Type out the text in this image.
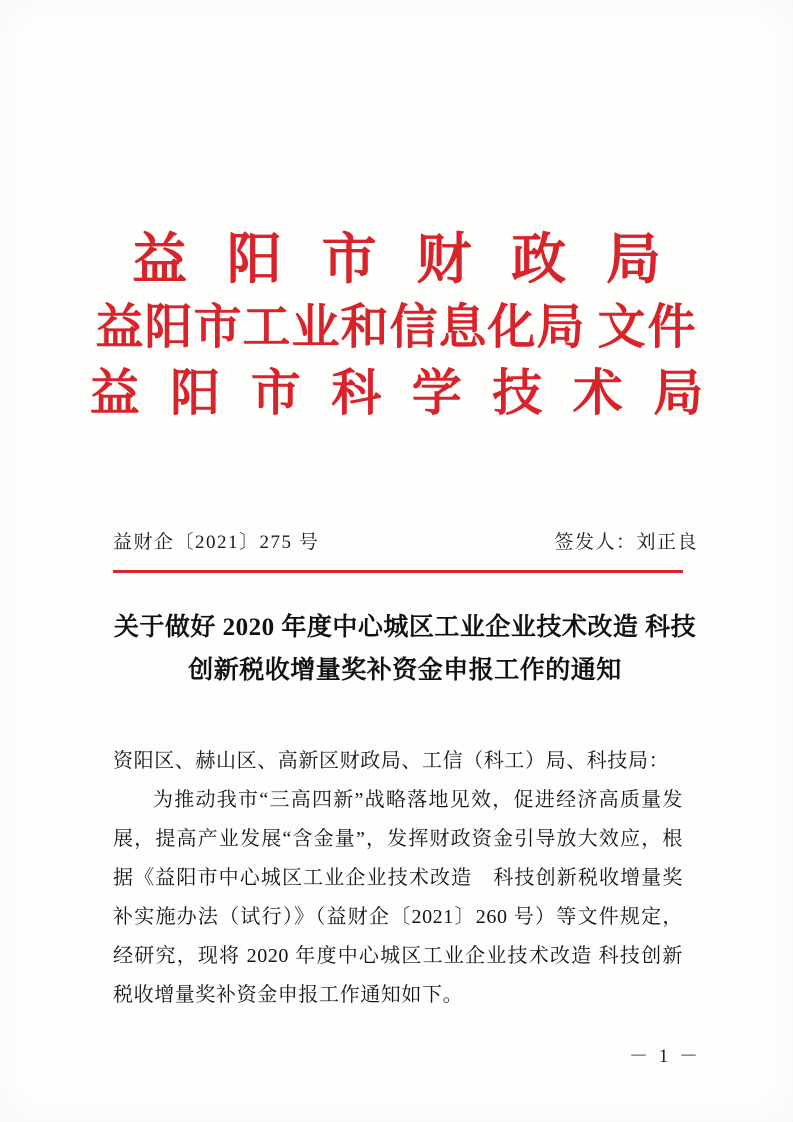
益 阳 市 财 政 局
益阳市工业和信息化局 文件
益 阳 市 科 学 技 术 局
益财企〔2021〕275 号	签发人：刘正良
关于做好 2020 年度中心城区工业企业技术改造 科技创新税收增量奖补资金申报工作的通知

资阳区、赫山区、高新区财政局、工信（科工）局、科技局：

为推动我市“三高四新”战略落地见效，促进经济高质量发展，提高产业发展“含金量”，发挥财政资金引导放大效应，根据《益阳市中心城区工业企业技术改造　科技创新税收增量奖补实施办法（试行）》（益财企〔2021〕260 号）等文件规定，经研究，现将 2020 年度中心城区工业企业技术改造 科技创新税收增量奖补资金申报工作通知如下。

－ 1 －
